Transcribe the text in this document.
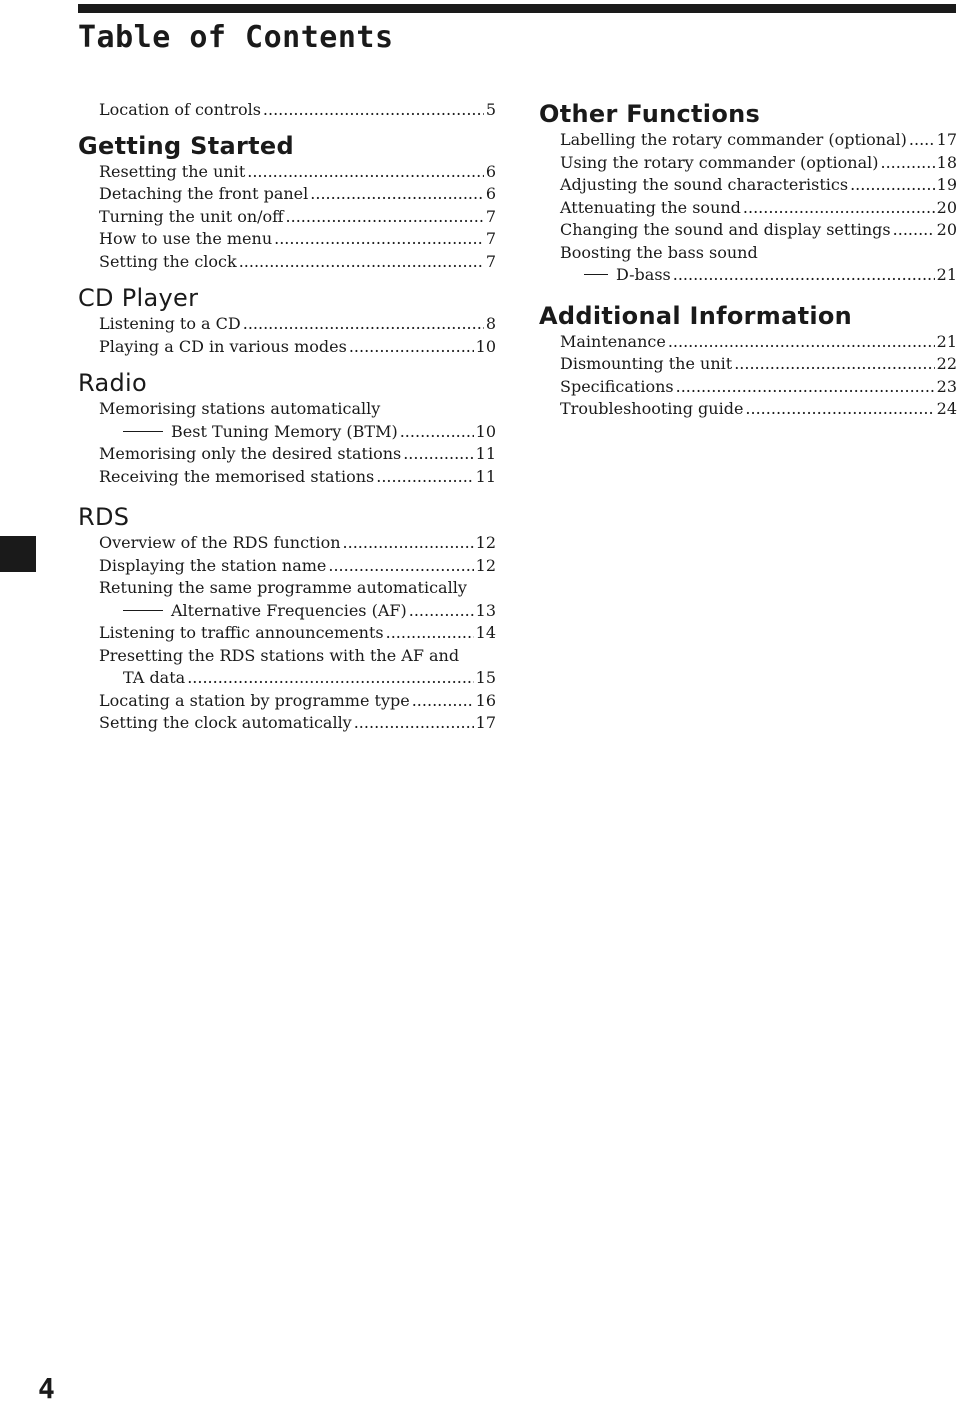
Table of Contents
4
Location of controls .....	5
Getting Started
Resetting the unit .....	6
Detaching the front panel .....	6
Turning the unit on/off .....	7
How to use the menu .....	7
Setting the clock .....	7
CD Player
Listening to a CD .....	8
Playing a CD in various modes .....	10
Radio
Memorising stations automatically
Best Tuning Memory (BTM) .....	10
Memorising only the desired stations .....	11
Receiving the memorised stations .....	11
RDS
Overview of the RDS function .....	12
Displaying the station name .....	12
Retuning the same programme automatically
Alternative Frequencies (AF) .....	13
Listening to traffic announcements .....	14
Presetting the RDS stations with the AF and
TA data .....	15
Locating a station by programme type .....	16
Setting the clock automatically .....	17
Other Functions
Labelling the rotary commander (optional) ..... 17
Using the rotary commander (optional) .....	18
Adjusting the sound characteristics .....	19
Attenuating the sound .....	20
Changing the sound and display settings .....	20
Boosting the bass sound
D-bass .....	21
Additional Information
Maintenance .....	21
Dismounting the unit .....	22
Specifications .....	23
Troubleshooting guide .....	24
